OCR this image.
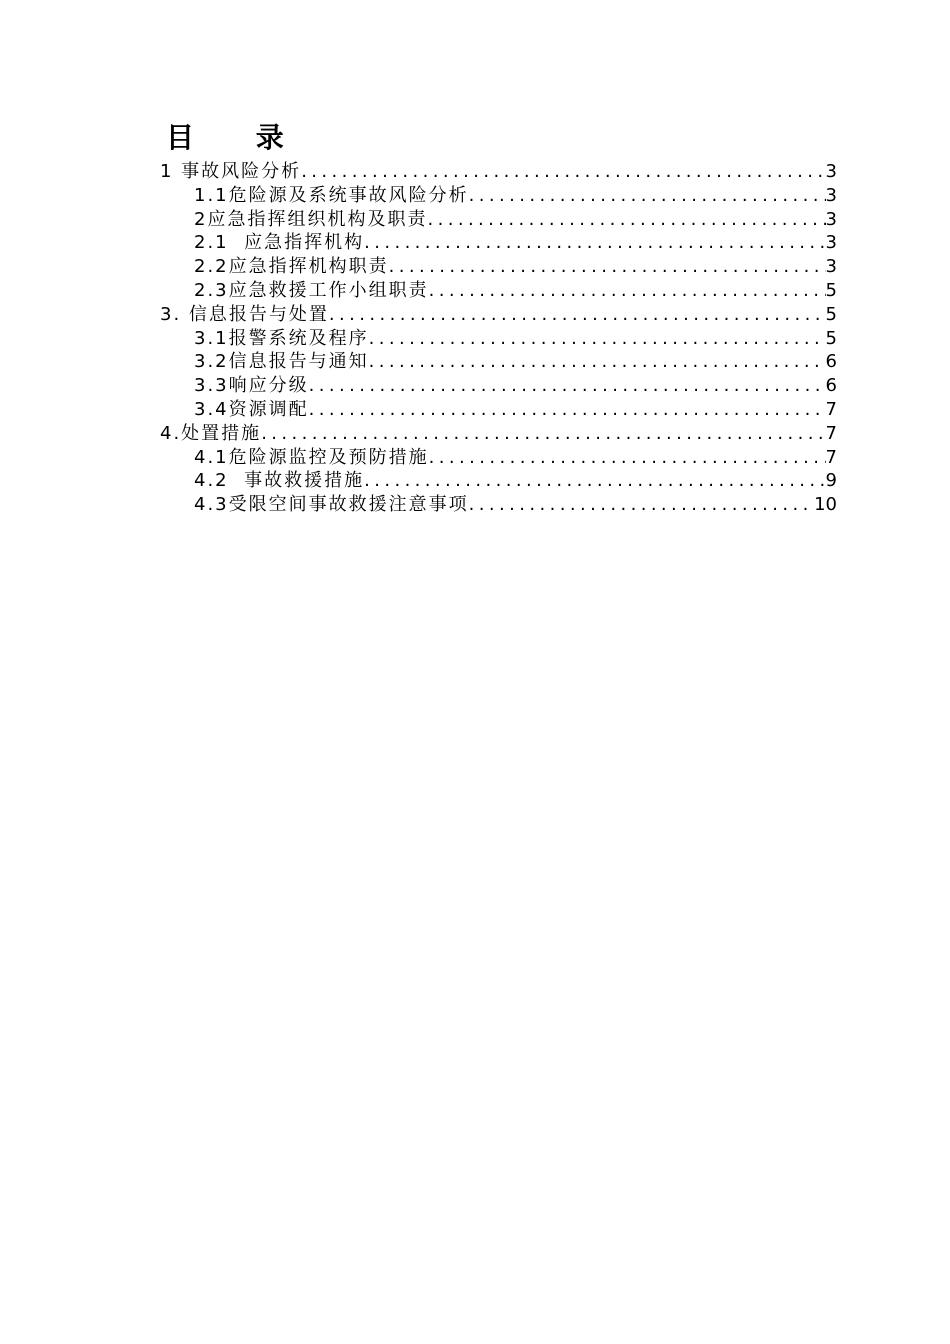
目 录
1 事故风险分析 .....	3
1.1危险源及系统事故风险分析 .....	3
2应急指挥组织机构及职责 .....	3
2.1  应急指挥机构 .....	3
2.2应急指挥机构职责 .....	3
2.3应急救援工作小组职责 .....	5
3. 信息报告与处置 .....	5
3.1报警系统及程序 .....	5
3.2信息报告与通知 .....	6
3.3响应分级 .....	6
3.4资源调配 .....	7
4.处置措施 .....	7
4.1危险源监控及预防措施 .....	7
4.2  事故救援措施 .....	9
4.3受限空间事故救援注意事项 .....	10
